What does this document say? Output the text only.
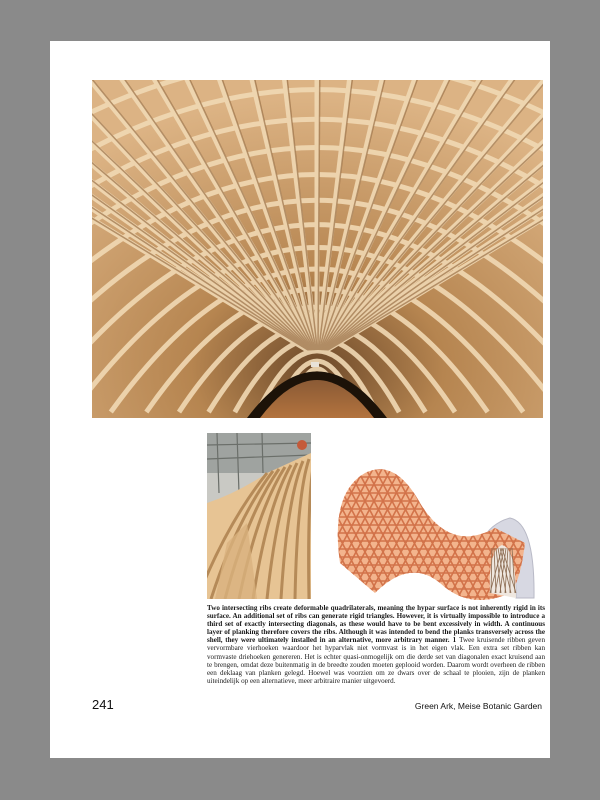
Two intersecting ribs create deformable quadrilaterals, meaning the hypar surface is not inherently rigid in its surface. An additional set of ribs can generate rigid triangles. However, it is virtually impossible to introduce a third set of exactly intersecting diagonals, as these would have to be bent excessively in width. A continuous layer of planking therefore covers the ribs. Although it was intended to bend the planks transversely across the shell, they were ultimately installed in an alternative, more arbitrary manner. 1 Twee kruisende ribben geven vervormbare vierhoeken waardoor het hyparvlak niet vormvast is in het eigen vlak. Een extra set ribben kan vormvaste driehoeken genereren. Het is echter quasi-onmogelijk om die derde set van diagonalen exact kruisend aan te brengen, omdat deze buitenmatig in de breedte zouden moeten geplooid worden. Daarom wordt overheen de ribben een deklaag van planken gelegd. Hoewel was voorzien om ze dwars over de schaal te plooien, zijn de planken uiteindelijk op een alternatieve, meer arbitraire manier uitgevoerd.
241	Green Ark, Meise Botanic Garden
